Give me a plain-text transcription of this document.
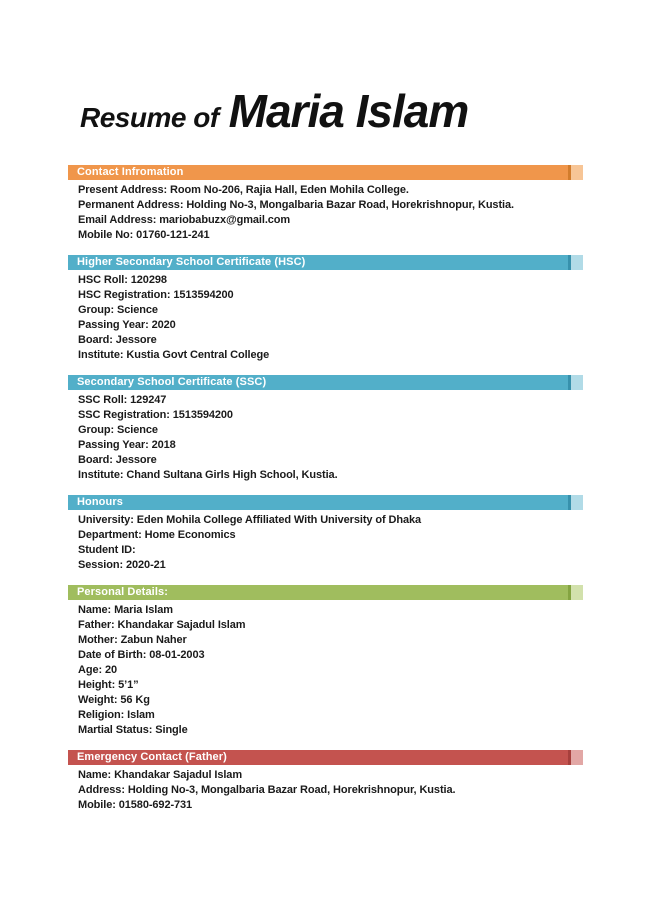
Resume of Maria Islam
Contact Infromation
Present Address: Room No-206, Rajia Hall, Eden Mohila College.
Permanent Address: Holding No-3, Mongalbaria Bazar Road, Horekrishnopur, Kustia.
Email Address: mariobabuzx@gmail.com
Mobile No: 01760-121-241
Higher Secondary School Certificate (HSC)
HSC Roll: 120298
HSC Registration: 1513594200
Group: Science
Passing Year: 2020
Board: Jessore
Institute: Kustia Govt Central College
Secondary School Certificate (SSC)
SSC Roll: 129247
SSC Registration: 1513594200
Group: Science
Passing Year: 2018
Board: Jessore
Institute: Chand Sultana Girls High School, Kustia.
Honours
University: Eden Mohila College Affiliated With University of Dhaka
Department: Home Economics
Student ID:
Session: 2020-21
Personal Details:
Name: Maria Islam
Father: Khandakar Sajadul Islam
Mother: Zabun Naher
Date of Birth: 08-01-2003
Age: 20
Height: 5’1”
Weight: 56 Kg
Religion: Islam
Martial Status: Single
Emergency Contact (Father)
Name: Khandakar Sajadul Islam
Address: Holding No-3, Mongalbaria Bazar Road, Horekrishnopur, Kustia.
Mobile: 01580-692-731
